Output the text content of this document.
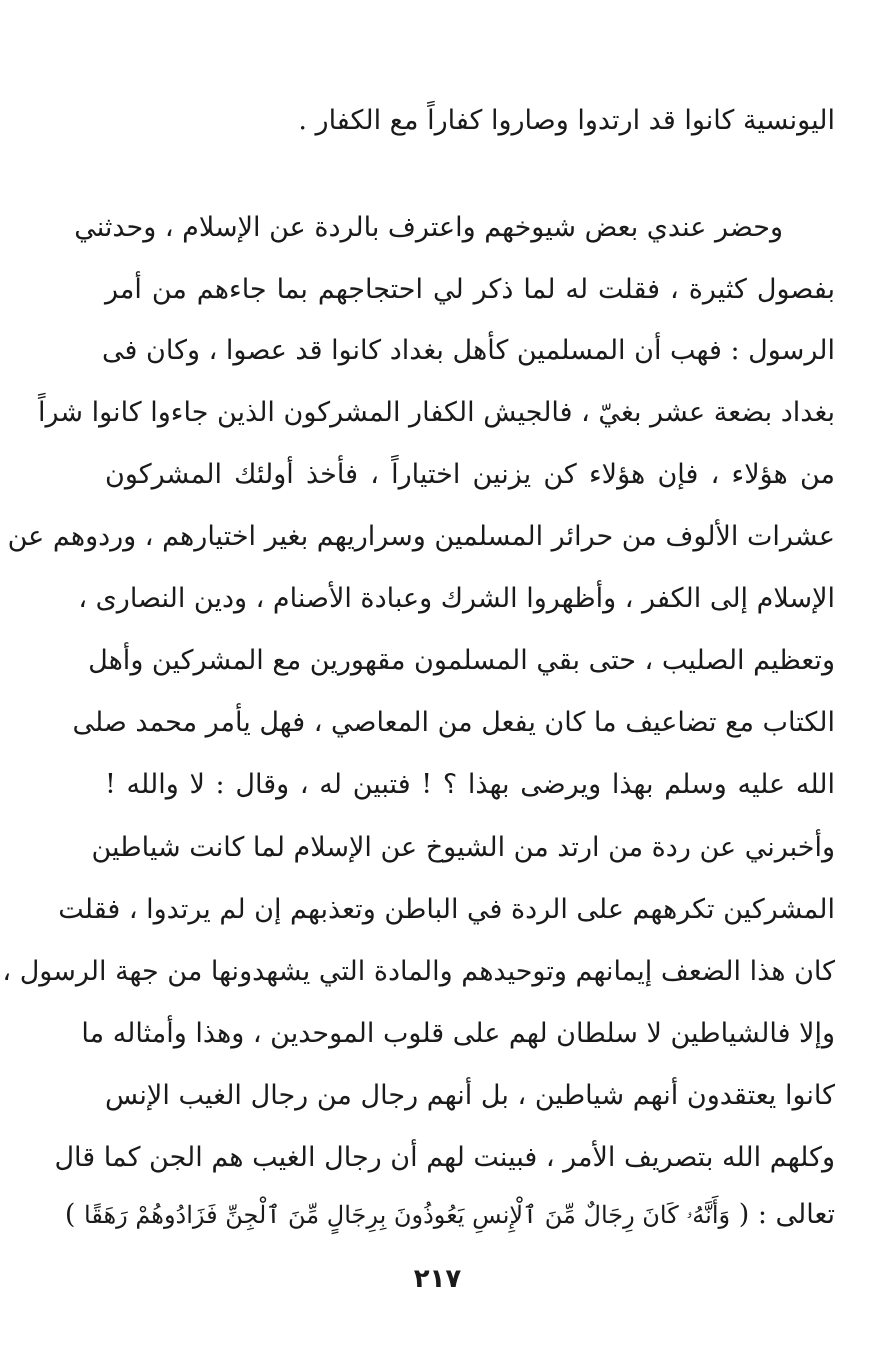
اليونسية كانوا قد ارتدوا وصاروا كفاراً مع الكفار .
وحضر عندي بعض شيوخهم واعترف بالردة عن الإسلام ، وحدثني
بفصول كثيرة ، فقلت له لما ذكر لي احتجاجهم بما جاءهم من أمر
الرسول : فهب أن المسلمين كأهل بغداد كانوا قد عصوا ، وكان فى
بغداد بضعة عشر بغيّ ، فالجيش الكفار المشركون الذين جاءوا كانوا شراً
من هؤلاء ، فإن هؤلاء كن يزنين اختياراً ، فأخذ أولئك المشركون
عشرات الألوف من حرائر المسلمين وسراريهم بغير اختيارهم ، وردوهم عن
الإسلام إلى الكفر ، وأظهروا الشرك وعبادة الأصنام ، ودين النصارى ،
وتعظيم الصليب ، حتى بقي المسلمون مقهورين مع المشركين وأهل
الكتاب مع تضاعيف ما كان يفعل من المعاصي ، فهل يأمر محمد صلى
الله عليه وسلم بهذا ويرضى بهذا ؟ ! فتبين له ، وقال : لا والله !
وأخبرني عن ردة من ارتد من الشيوخ عن الإسلام لما كانت شياطين
المشركين تكرههم على الردة في الباطن وتعذبهم إن لم يرتدوا ، فقلت
كان هذا الضعف إيمانهم وتوحيدهم والمادة التي يشهدونها من جهة الرسول ،
وإلا فالشياطين لا سلطان لهم على قلوب الموحدين ، وهذا وأمثاله ما
كانوا يعتقدون أنهم شياطين ، بل أنهم رجال من رجال الغيب الإنس
وكلهم الله بتصريف الأمر ، فبينت لهم أن رجال الغيب هم الجن كما قال
تعالى : ( وَأَنَّهُۥ كَانَ رِجَالٌ مِّنَ ٱلْإِنسِ يَعُوذُونَ بِرِجَالٍ مِّنَ ٱلْجِنِّ فَزَادُوهُمْ رَهَقًا )
٢١٧
